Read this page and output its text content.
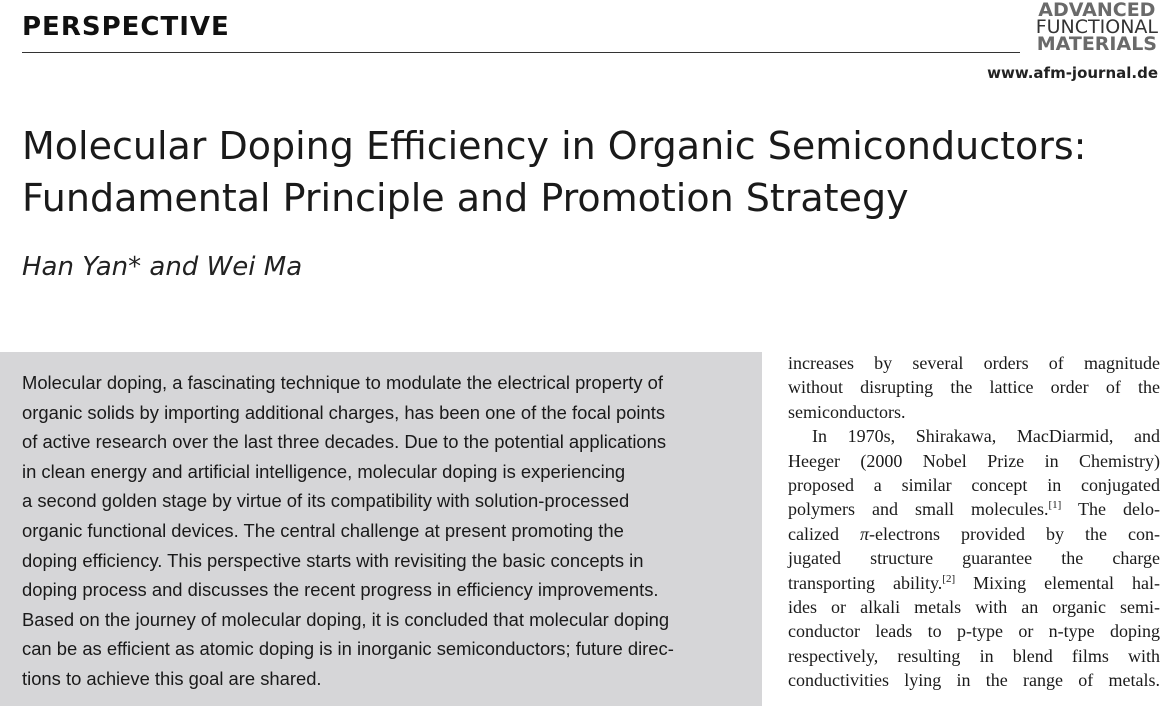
PERSPECTIVE
ADVANCED
FUNCTIONAL
MATERIALS
www.afm-journal.de
Molecular Doping Efficiency in Organic Semiconductors:
Fundamental Principle and Promotion Strategy
Han Yan* and Wei Ma
Molecular doping, a fascinating technique to modulate the electrical property of
organic solids by importing additional charges, has been one of the focal points
of active research over the last three decades. Due to the potential applications
in clean energy and artificial intelligence, molecular doping is experiencing
a second golden stage by virtue of its compatibility with solution-processed
organic functional devices. The central challenge at present promoting the
doping efficiency. This perspective starts with revisiting the basic concepts in
doping process and discusses the recent progress in efficiency improvements.
Based on the journey of molecular doping, it is concluded that molecular doping
can be as efficient as atomic doping is in inorganic semiconductors; future direc-
tions to achieve this goal are shared.
increases by several orders of magnitude
without disrupting the lattice order of the
semiconductors.
In 1970s, Shirakawa, MacDiarmid, and
Heeger (2000 Nobel Prize in Chemistry)
proposed a similar concept in conjugated
polymers and small molecules.[1] The delo-
calized π-electrons provided by the con-
jugated structure guarantee the charge
transporting ability.[2] Mixing elemental hal-
ides or alkali metals with an organic semi-
conductor leads to p-type or n-type doping
respectively, resulting in blend films with
conductivities lying in the range of metals.
